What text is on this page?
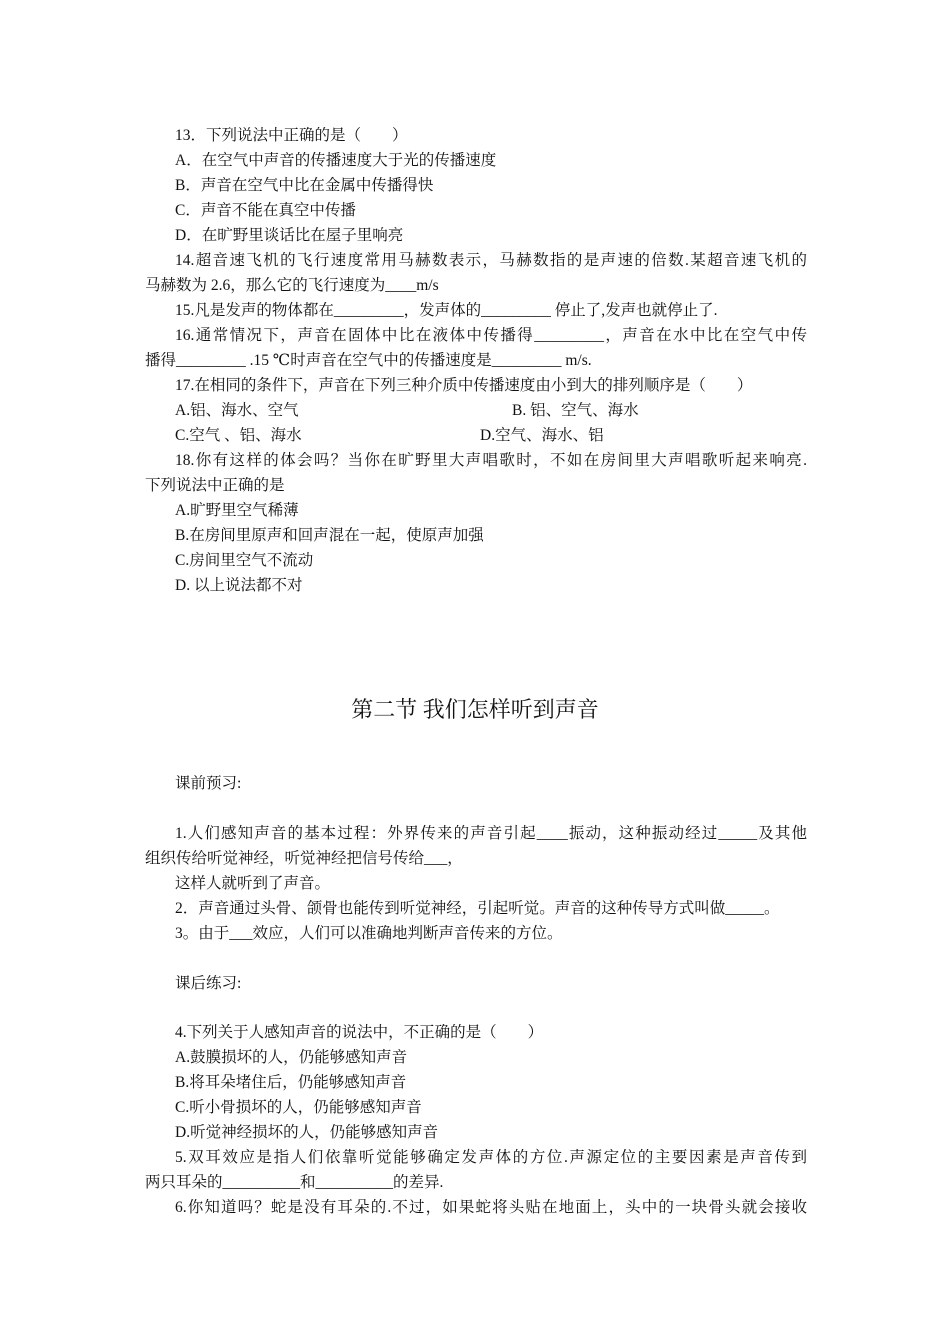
13．下列说法中正确的是（　　）
A．在空气中声音的传播速度大于光的传播速度
B．声音在空气中比在金属中传播得快
C．声音不能在真空中传播
D．在旷野里谈话比在屋子里响亮
14.超音速飞机的飞行速度常用马赫数表示，马赫数指的是声速的倍数.某超音速飞机的
马赫数为 2.6，那么它的飞行速度为____m/s
15.凡是发声的物体都在_________，发声体的_________ 停止了,发声也就停止了.
16.通常情况下，声音在固体中比在液体中传播得_________，声音在水中比在空气中传
播得_________ .15 ℃时声音在空气中的传播速度是_________ m/s.
17.在相同的条件下，声音在下列三种介质中传播速度由小到大的排列顺序是（　　）
A.铝、海水、空气	B. 铝、空气、海水
C.空气 、铝、海水	D.空气、海水、铝
18.你有这样的体会吗？当你在旷野里大声唱歌时，不如在房间里大声唱歌听起来响亮.
下列说法中正确的是
A.旷野里空气稀薄
B.在房间里原声和回声混在一起，使原声加强
C.房间里空气不流动
D. 以上说法都不对
第二节 我们怎样听到声音
课前预习:
1.人们感知声音的基本过程：外界传来的声音引起____振动，这种振动经过_____及其他
组织传给听觉神经，听觉神经把信号传给___，
这样人就听到了声音。
2．声音通过头骨、颌骨也能传到听觉神经，引起听觉。声音的这种传导方式叫做_____。
3。由于___效应，人们可以准确地判断声音传来的方位。
课后练习:
4.下列关于人感知声音的说法中，不正确的是（　　）
A.鼓膜损坏的人，仍能够感知声音
B.将耳朵堵住后，仍能够感知声音
C.听小骨损坏的人，仍能够感知声音
D.听觉神经损坏的人，仍能够感知声音
5.双耳效应是指人们依靠听觉能够确定发声体的方位.声源定位的主要因素是声音传到
两只耳朵的__________和__________的差异.
6.你知道吗？蛇是没有耳朵的.不过，如果蛇将头贴在地面上，头中的一块骨头就会接收
